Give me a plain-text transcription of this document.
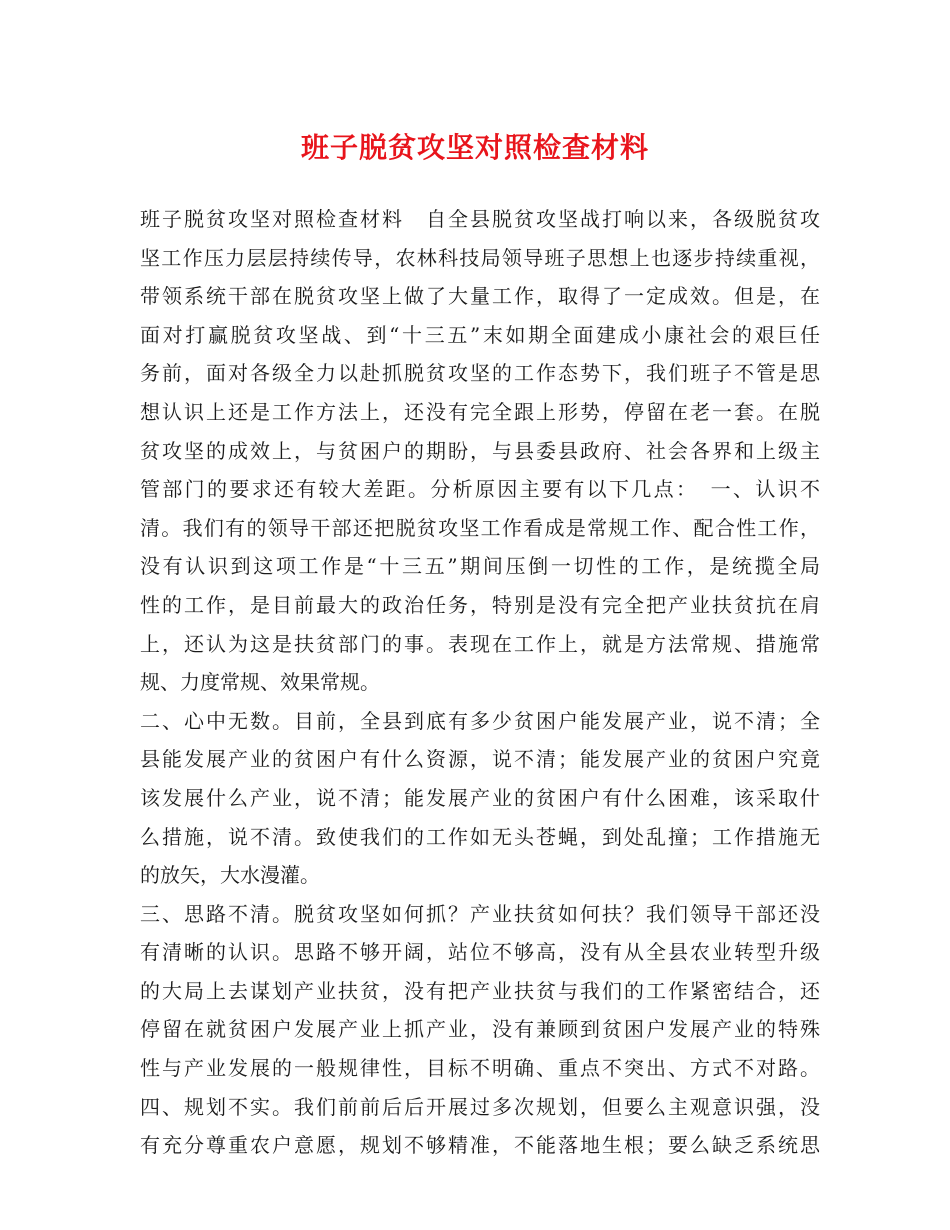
班子脱贫攻坚对照检查材料
班子脱贫攻坚对照检查材料　自全县脱贫攻坚战打响以来，各级脱贫攻
坚工作压力层层持续传导，农林科技局领导班子思想上也逐步持续重视，
带领系统干部在脱贫攻坚上做了大量工作，取得了一定成效。但是，在
面对打赢脱贫攻坚战、到“十三五”末如期全面建成小康社会的艰巨任
务前，面对各级全力以赴抓脱贫攻坚的工作态势下，我们班子不管是思
想认识上还是工作方法上，还没有完全跟上形势，停留在老一套。在脱
贫攻坚的成效上，与贫困户的期盼，与县委县政府、社会各界和上级主
管部门的要求还有较大差距。分析原因主要有以下几点：　一、认识不
清。我们有的领导干部还把脱贫攻坚工作看成是常规工作、配合性工作，
没有认识到这项工作是“十三五”期间压倒一切性的工作，是统揽全局
性的工作，是目前最大的政治任务，特别是没有完全把产业扶贫抗在肩
上，还认为这是扶贫部门的事。表现在工作上，就是方法常规、措施常
规、力度常规、效果常规。
二、心中无数。目前，全县到底有多少贫困户能发展产业，说不清；全
县能发展产业的贫困户有什么资源，说不清；能发展产业的贫困户究竟
该发展什么产业，说不清；能发展产业的贫困户有什么困难，该采取什
么措施，说不清。致使我们的工作如无头苍蝇，到处乱撞；工作措施无
的放矢，大水漫灌。
三、思路不清。脱贫攻坚如何抓？产业扶贫如何扶？我们领导干部还没
有清晰的认识。思路不够开阔，站位不够高，没有从全县农业转型升级
的大局上去谋划产业扶贫，没有把产业扶贫与我们的工作紧密结合，还
停留在就贫困户发展产业上抓产业，没有兼顾到贫困户发展产业的特殊
性与产业发展的一般规律性，目标不明确、重点不突出、方式不对路。
四、规划不实。我们前前后后开展过多次规划，但要么主观意识强，没
有充分尊重农户意愿，规划不够精准，不能落地生根；要么缺乏系统思
